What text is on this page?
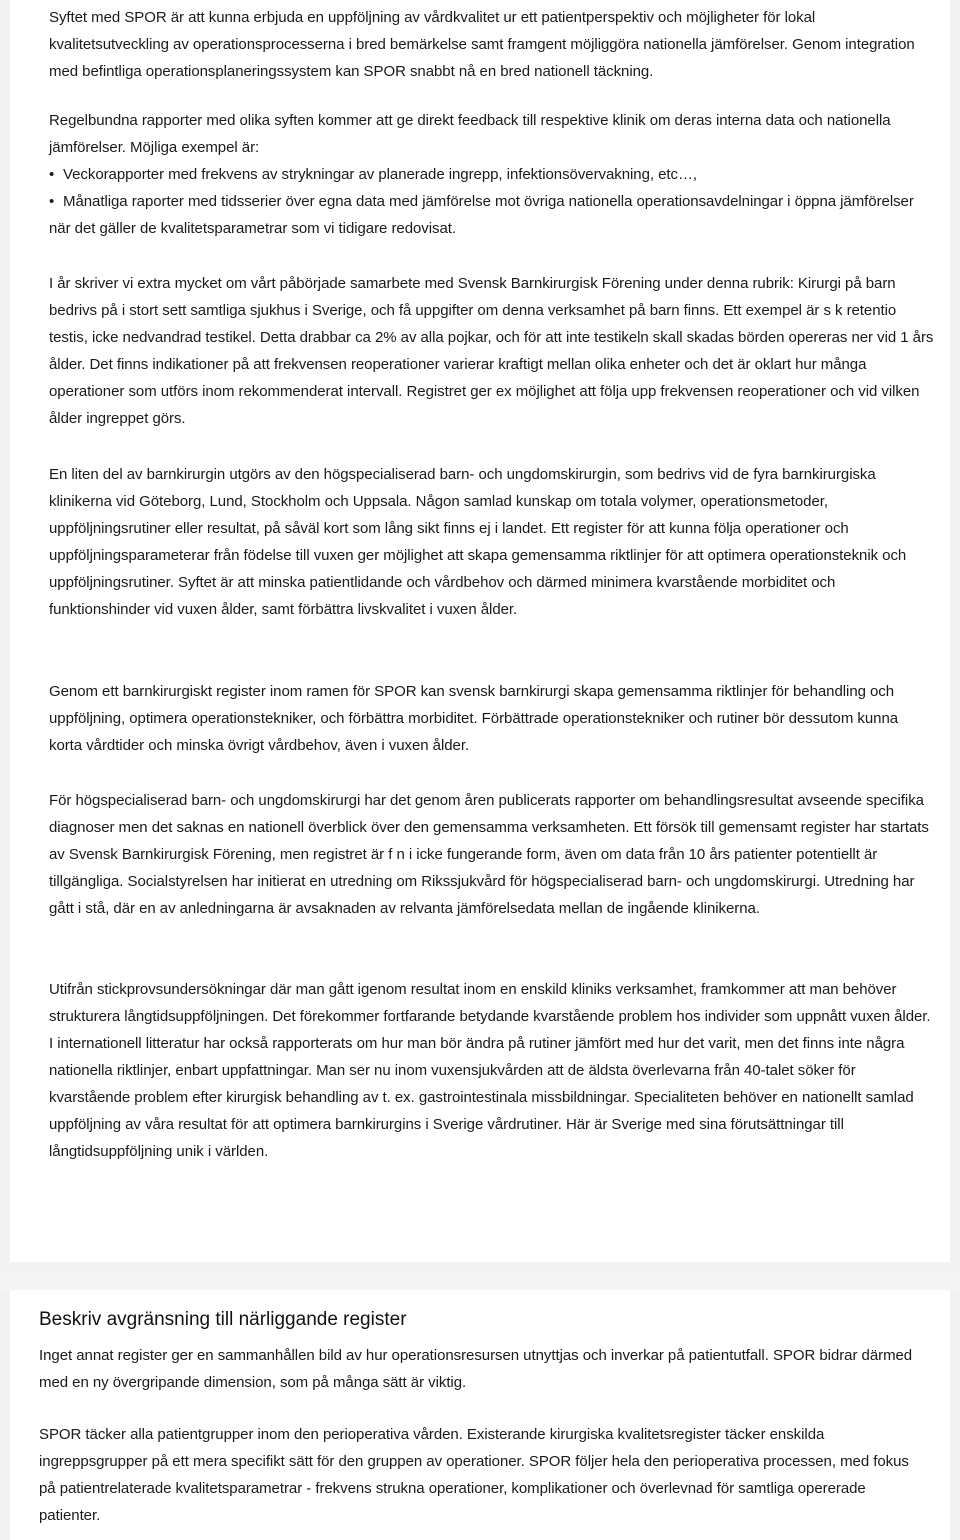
Syftet med SPOR är att kunna erbjuda en uppföljning av vårdkvalitet ur ett patientperspektiv och möjligheter för lokal kvalitetsutveckling av operationsprocesserna i bred bemärkelse samt framgent möjliggöra nationella jämförelser. Genom integration med befintliga operationsplaneringssystem kan SPOR snabbt nå en bred nationell täckning.

Regelbundna rapporter med olika syften kommer att ge direkt feedback till respektive klinik om deras interna data och nationella jämförelser. Möjliga exempel är:

• Veckorapporter med frekvens av strykningar av planerade ingrepp, infektionsövervakning, etc…,

• Månatliga raporter med tidsserier över egna data med jämförelse mot övriga nationella operationsavdelningar i öppna jämförelser när det gäller de kvalitetsparametrar som vi tidigare redovisat.

I år skriver vi extra mycket om vårt påbörjade samarbete med Svensk Barnkirurgisk Förening under denna rubrik: Kirurgi på barn bedrivs på i stort sett samtliga sjukhus i Sverige, och få uppgifter om denna verksamhet på barn finns. Ett exempel är s k retentio testis, icke nedvandrad testikel. Detta drabbar ca 2% av alla pojkar, och för att inte testikeln skall skadas börden opereras ner vid 1 års ålder. Det finns indikationer på att frekvensen reoperationer varierar kraftigt mellan olika enheter och det är oklart hur många operationer som utförs inom rekommenderat intervall. Registret ger ex möjlighet att följa upp frekvensen reoperationer och vid vilken ålder ingreppet görs.

En liten del av barnkirurgin utgörs av den högspecialiserad barn- och ungdomskirurgin, som bedrivs vid de fyra barnkirurgiska klinikerna vid Göteborg, Lund, Stockholm och Uppsala. Någon samlad kunskap om totala volymer, operationsmetoder, uppföljningsrutiner eller resultat, på såväl kort som lång sikt finns ej i landet. Ett register för att kunna följa operationer och uppföljningsparameterar från födelse till vuxen ger möjlighet att skapa gemensamma riktlinjer för att optimera operationsteknik och uppföljningsrutiner. Syftet är att minska patientlidande och vårdbehov och därmed minimera kvarstående morbiditet och funktionshinder vid vuxen ålder, samt förbättra livskvalitet i vuxen ålder.

Genom ett barnkirurgiskt register inom ramen för SPOR kan svensk barnkirurgi skapa gemensamma riktlinjer för behandling och uppföljning, optimera operationstekniker, och förbättra morbiditet. Förbättrade operationstekniker och rutiner bör dessutom kunna korta vårdtider och minska övrigt vårdbehov, även i vuxen ålder.

För högspecialiserad barn- och ungdomskirurgi har det genom åren publicerats rapporter om behandlingsresultat avseende specifika diagnoser men det saknas en nationell överblick över den gemensamma verksamheten. Ett försök till gemensamt register har startats av Svensk Barnkirurgisk Förening, men registret är f n i icke fungerande form, även om data från 10 års patienter potentiellt är tillgängliga. Socialstyrelsen har initierat en utredning om Rikssjukvård för högspecialiserad barn- och ungdomskirurgi. Utredning har gått i stå, där en av anledningarna är avsaknaden av relvanta jämförelsedata mellan de ingående klinikerna.

Utifrån stickprovsundersökningar där man gått igenom resultat inom en enskild kliniks verksamhet, framkommer att man behöver strukturera långtidsuppföljningen. Det förekommer fortfarande betydande kvarstående problem hos individer som uppnått vuxen ålder. I internationell litteratur har också rapporterats om hur man bör ändra på rutiner jämfört med hur det varit, men det finns inte några nationella riktlinjer, enbart uppfattningar. Man ser nu inom vuxensjukvården att de äldsta överlevarna från 40-talet söker för kvarstående problem efter kirurgisk behandling av t. ex. gastrointestinala missbildningar. Specialiteten behöver en nationellt samlad uppföljning av våra resultat för att optimera barnkirurgins i Sverige vårdrutiner. Här är Sverige med sina förutsättningar till långtidsuppföljning unik i världen.

Beskriv avgränsning till närliggande register

Inget annat register ger en sammanhållen bild av hur operationsresursen utnyttjas och inverkar på patientutfall. SPOR bidrar därmed med en ny övergripande dimension, som på många sätt är viktig.

SPOR täcker alla patientgrupper inom den perioperativa vården. Existerande kirurgiska kvalitetsregister täcker enskilda ingreppsgrupper på ett mera specifikt sätt för den gruppen av operationer. SPOR följer hela den perioperativa processen, med fokus på patientrelaterade kvalitetsparametrar - frekvens strukna operationer, komplikationer och överlevnad för samtliga opererade patienter.
